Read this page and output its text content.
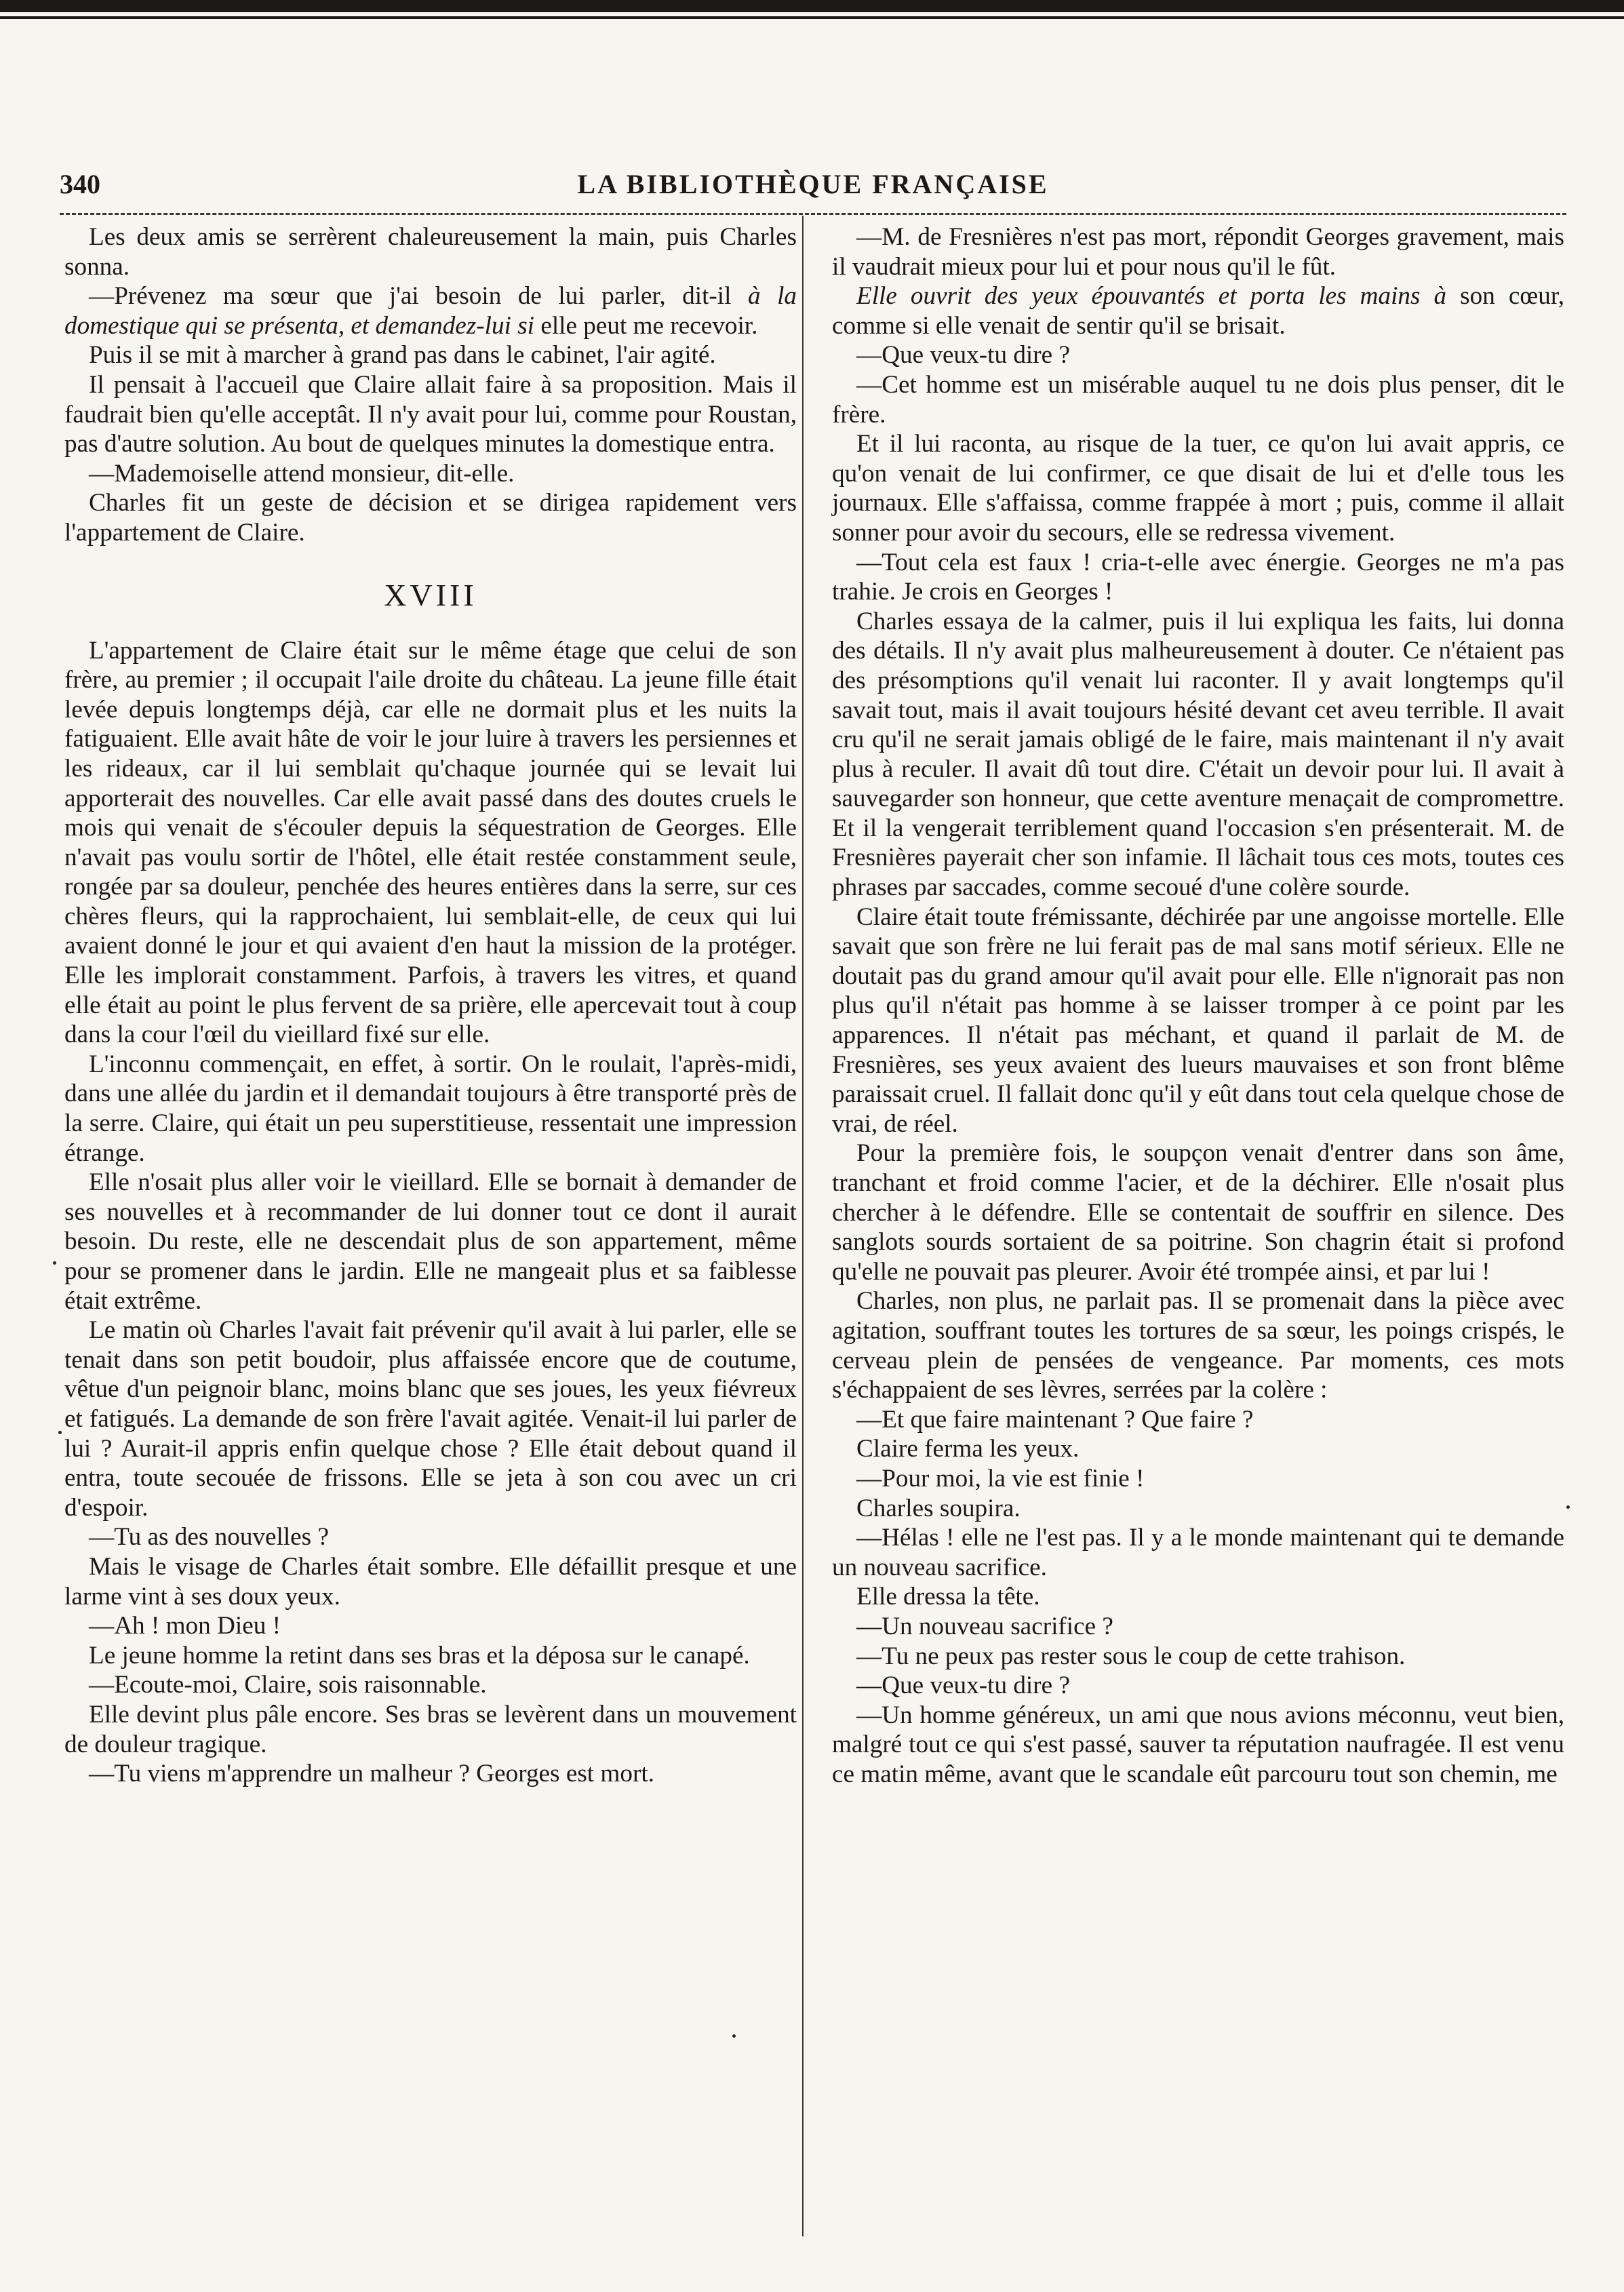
340	LA BIBLIOTHÈQUE FRANÇAISE

Les deux amis se serrèrent chaleureusement la main, puis Charles sonna.

—Prévenez ma sœur que j'ai besoin de lui parler, dit-il à la domestique qui se présenta, et demandez-lui si elle peut me recevoir.

Puis il se mit à marcher à grand pas dans le cabinet, l'air agité.

Il pensait à l'accueil que Claire allait faire à sa proposition. Mais il faudrait bien qu'elle acceptât. Il n'y avait pour lui, comme pour Roustan, pas d'autre solution. Au bout de quelques minutes la domestique entra.

—Mademoiselle attend monsieur, dit-elle.

Charles fit un geste de décision et se dirigea rapidement vers l'appartement de Claire.

XVIII

L'appartement de Claire était sur le même étage que celui de son frère, au premier ; il occupait l'aile droite du château. La jeune fille était levée depuis longtemps déjà, car elle ne dormait plus et les nuits la fatiguaient. Elle avait hâte de voir le jour luire à travers les persiennes et les rideaux, car il lui semblait qu'chaque journée qui se levait lui apporterait des nouvelles. Car elle avait passé dans des doutes cruels le mois qui venait de s'écouler depuis la séquestration de Georges. Elle n'avait pas voulu sortir de l'hôtel, elle était restée constamment seule, rongée par sa douleur, penchée des heures entières dans la serre, sur ces chères fleurs, qui la rapprochaient, lui semblait-elle, de ceux qui lui avaient donné le jour et qui avaient d'en haut la mission de la protéger. Elle les implorait constamment. Parfois, à travers les vitres, et quand elle était au point le plus fervent de sa prière, elle apercevait tout à coup dans la cour l'œil du vieillard fixé sur elle.

L'inconnu commençait, en effet, à sortir. On le roulait, l'après-midi, dans une allée du jardin et il demandait toujours à être transporté près de la serre. Claire, qui était un peu superstitieuse, ressentait une impression étrange.

Elle n'osait plus aller voir le vieillard. Elle se bornait à demander de ses nouvelles et à recommander de lui donner tout ce dont il aurait besoin. Du reste, elle ne descendait plus de son appartement, même pour se promener dans le jardin. Elle ne mangeait plus et sa faiblesse était extrême.

Le matin où Charles l'avait fait prévenir qu'il avait à lui parler, elle se tenait dans son petit boudoir, plus affaissée encore que de coutume, vêtue d'un peignoir blanc, moins blanc que ses joues, les yeux fiévreux et fatigués. La demande de son frère l'avait agitée. Venait-il lui parler de lui ? Aurait-il appris enfin quelque chose ? Elle était debout quand il entra, toute secouée de frissons. Elle se jeta à son cou avec un cri d'espoir.

—Tu as des nouvelles ?

Mais le visage de Charles était sombre. Elle défaillit presque et une larme vint à ses doux yeux.

—Ah ! mon Dieu !

Le jeune homme la retint dans ses bras et la déposa sur le canapé.

—Ecoute-moi, Claire, sois raisonnable.

Elle devint plus pâle encore. Ses bras se levèrent dans un mouvement de douleur tragique.

—Tu viens m'apprendre un malheur ? Georges est mort.

—M. de Fresnières n'est pas mort, répondit Georges gravement, mais il vaudrait mieux pour lui et pour nous qu'il le fût.

Elle ouvrit des yeux épouvantés et porta les mains à son cœur, comme si elle venait de sentir qu'il se brisait.

—Que veux-tu dire ?

—Cet homme est un misérable auquel tu ne dois plus penser, dit le frère.

Et il lui raconta, au risque de la tuer, ce qu'on lui avait appris, ce qu'on venait de lui confirmer, ce que disait de lui et d'elle tous les journaux. Elle s'affaissa, comme frappée à mort ; puis, comme il allait sonner pour avoir du secours, elle se redressa vivement.

—Tout cela est faux ! cria-t-elle avec énergie. Georges ne m'a pas trahie. Je crois en Georges !

Charles essaya de la calmer, puis il lui expliqua les faits, lui donna des détails. Il n'y avait plus malheureusement à douter. Ce n'étaient pas des présomptions qu'il venait lui raconter. Il y avait longtemps qu'il savait tout, mais il avait toujours hésité devant cet aveu terrible. Il avait cru qu'il ne serait jamais obligé de le faire, mais maintenant il n'y avait plus à reculer. Il avait dû tout dire. C'était un devoir pour lui. Il avait à sauvegarder son honneur, que cette aventure menaçait de compromettre. Et il la vengerait terriblement quand l'occasion s'en présenterait. M. de Fresnières payerait cher son infamie. Il lâchait tous ces mots, toutes ces phrases par saccades, comme secoué d'une colère sourde.

Claire était toute frémissante, déchirée par une angoisse mortelle. Elle savait que son frère ne lui ferait pas de mal sans motif sérieux. Elle ne doutait pas du grand amour qu'il avait pour elle. Elle n'ignorait pas non plus qu'il n'était pas homme à se laisser tromper à ce point par les apparences. Il n'était pas méchant, et quand il parlait de M. de Fresnières, ses yeux avaient des lueurs mauvaises et son front blême paraissait cruel. Il fallait donc qu'il y eût dans tout cela quelque chose de vrai, de réel.

Pour la première fois, le soupçon venait d'entrer dans son âme, tranchant et froid comme l'acier, et de la déchirer. Elle n'osait plus chercher à le défendre. Elle se contentait de souffrir en silence. Des sanglots sourds sortaient de sa poitrine. Son chagrin était si profond qu'elle ne pouvait pas pleurer. Avoir été trompée ainsi, et par lui !

Charles, non plus, ne parlait pas. Il se promenait dans la pièce avec agitation, souffrant toutes les tortures de sa sœur, les poings crispés, le cerveau plein de pensées de vengeance. Par moments, ces mots s'échappaient de ses lèvres, serrées par la colère :

—Et que faire maintenant ? Que faire ?

Claire ferma les yeux.

—Pour moi, la vie est finie !

Charles soupira.

—Hélas ! elle ne l'est pas. Il y a le monde maintenant qui te demande un nouveau sacrifice.

Elle dressa la tête.

—Un nouveau sacrifice ?

—Tu ne peux pas rester sous le coup de cette trahison.

—Que veux-tu dire ?

—Un homme généreux, un ami que nous avions méconnu, veut bien, malgré tout ce qui s'est passé, sauver ta réputation naufragée. Il est venu ce matin même, avant que le scandale eût parcouru tout son chemin, me
